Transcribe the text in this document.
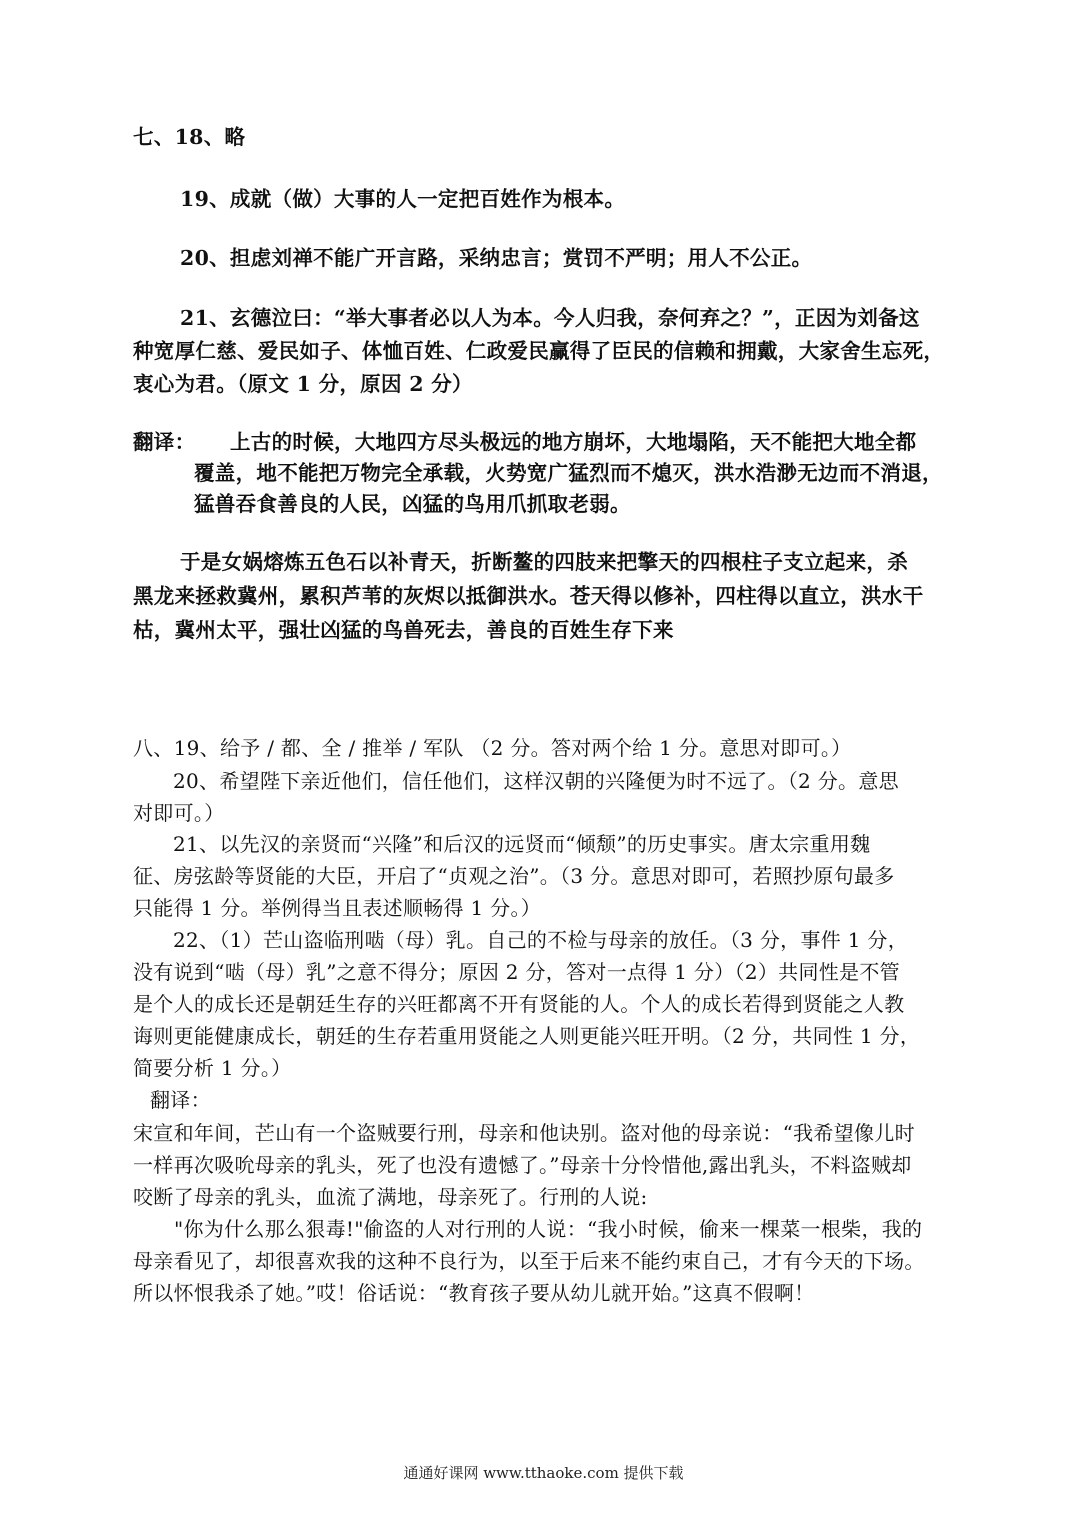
七、18、略
19、成就（做）大事的人一定把百姓作为根本。
20、担虑刘禅不能广开言路，采纳忠言；赏罚不严明；用人不公正。
21、玄德泣曰：“举大事者必以人为本。今人归我，奈何弃之？”，正因为刘备这
种宽厚仁慈、爱民如子、体恤百姓、仁政爱民赢得了臣民的信赖和拥戴，大家舍生忘死，
衷心为君。（原文 1 分，原因 2 分）
翻译： 上古的时候，大地四方尽头极远的地方崩坏，大地塌陷，天不能把大地全都
覆盖，地不能把万物完全承载，火势宽广猛烈而不熄灭，洪水浩渺无边而不消退，
猛兽吞食善良的人民，凶猛的鸟用爪抓取老弱。
于是女娲熔炼五色石以补青天，折断鳌的四肢来把擎天的四根柱子支立起来，杀
黑龙来拯救冀州，累积芦苇的灰烬以抵御洪水。苍天得以修补，四柱得以直立，洪水干
枯，冀州太平，强壮凶猛的鸟兽死去，善良的百姓生存下来
八、19、给予 / 都、全 / 推举 / 军队 （2 分。答对两个给 1 分。意思对即可。）
20、希望陛下亲近他们，信任他们，这样汉朝的兴隆便为时不远了。（2 分。意思
对即可。）
21、以先汉的亲贤而“兴隆”和后汉的远贤而“倾颓”的历史事实。唐太宗重用魏
征、房弦龄等贤能的大臣，开启了“贞观之治”。（3 分。意思对即可，若照抄原句最多
只能得 1 分。举例得当且表述顺畅得 1 分。）
22、（1）芒山盗临刑啮（母）乳。自己的不检与母亲的放任。（3 分，事件 1 分，
没有说到“啮（母）乳”之意不得分；原因 2 分，答对一点得 1 分）（2）共同性是不管
是个人的成长还是朝廷生存的兴旺都离不开有贤能的人。个人的成长若得到贤能之人教
诲则更能健康成长，朝廷的生存若重用贤能之人则更能兴旺开明。（2 分，共同性 1 分，
简要分析 1 分。）
翻译：
宋宣和年间，芒山有一个盗贼要行刑，母亲和他诀别。盗对他的母亲说：“我希望像儿时
一样再次吸吮母亲的乳头，死了也没有遗憾了。”母亲十分怜惜他,露出乳头，不料盗贼却
咬断了母亲的乳头，血流了满地，母亲死了。行刑的人说:
"你为什么那么狠毒!"偷盗的人对行刑的人说：“我小时候，偷来一棵菜一根柴，我的
母亲看见了，却很喜欢我的这种不良行为，以至于后来不能约束自己，才有今天的下场。
所以怀恨我杀了她。”哎！俗话说：“教育孩子要从幼儿就开始。”这真不假啊！
通通好课网 www.tthaoke.com 提供下载
